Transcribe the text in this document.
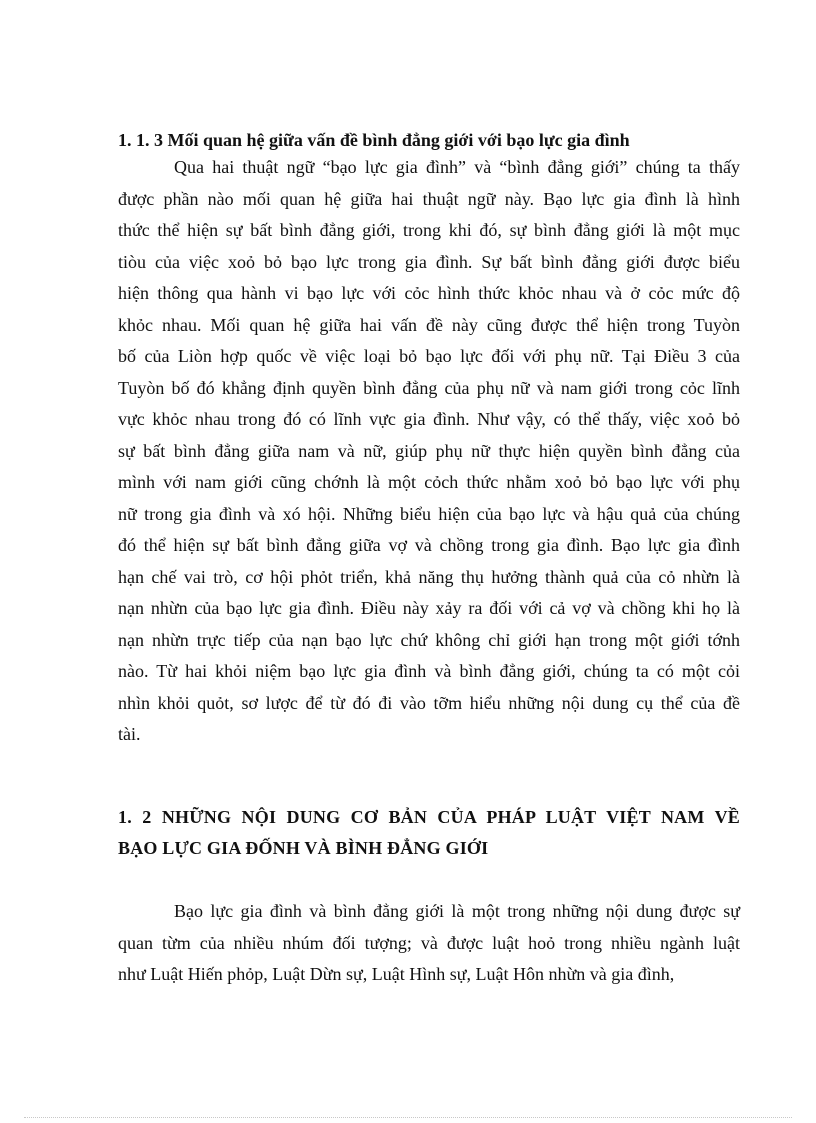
1. 1. 3 Mối quan hệ giữa vấn đề bình đẳng giới với bạo lực gia đình
Qua hai thuật ngữ “bạo lực gia đình” và “bình đẳng giới” chúng ta thấy
được phần nào mối quan hệ giữa hai thuật ngữ này. Bạo lực gia đình là hình
thức thể hiện sự bất bình đẳng giới, trong khi đó, sự bình đẳng giới là một mục
tiòu của việc xoỏ bỏ bạo lực trong gia đình. Sự bất bình đẳng giới được biểu
hiện thông qua hành vi bạo lực với cỏc hình thức khỏc nhau và ở cỏc mức độ
khỏc nhau. Mối quan hệ giữa hai vấn đề này cũng được thể hiện trong Tuyòn
bố của Liòn hợp quốc về việc loại bỏ bạo lực đối với phụ nữ. Tại Điều 3 của
Tuyòn bố đó khẳng định quyền bình đẳng của phụ nữ và nam giới trong cỏc lĩnh
vực khỏc nhau trong đó có lĩnh vực gia đình. Như vậy, có thể thấy, việc xoỏ bỏ
sự bất bình đẳng giữa nam và nữ, giúp phụ nữ thực hiện quyền bình đẳng của
mình với nam giới cũng chớnh là một cỏch thức nhằm xoỏ bỏ bạo lực với phụ
nữ trong gia đình và xó hội. Những biểu hiện của bạo lực và hậu quả của chúng
đó thể hiện sự bất bình đẳng giữa vợ và chồng trong gia đình. Bạo lực gia đình
hạn chế vai trò, cơ hội phỏt triển, khả năng thụ hưởng thành quả của cỏ nhừn là
nạn nhừn của bạo lực gia đình. Điều này xảy ra đối với cả vợ và chồng khi họ là
nạn nhừn trực tiếp của nạn bạo lực chứ không chỉ giới hạn trong một giới tớnh
nào. Từ hai khỏi niệm bạo lực gia đình và bình đẳng giới, chúng ta có một cỏi
nhìn khỏi quỏt, sơ lược để từ đó đi vào tỡm hiểu những nội dung cụ thể của đề
tài.
1. 2 NHỮNG NỘI DUNG CƠ BẢN CỦA PHÁP LUẬT VIỆT NAM VỀ
BẠO LỰC GIA ĐỐNH VÀ BÌNH ĐẲNG GIỚI
Bạo lực gia đình và bình đẳng giới là một trong những nội dung được sự
quan từm của nhiều nhúm đối tượng; và được luật hoỏ trong nhiều ngành luật
như Luật Hiến phỏp, Luật Dừn sự, Luật Hình sự, Luật Hôn nhừn và gia đình,
